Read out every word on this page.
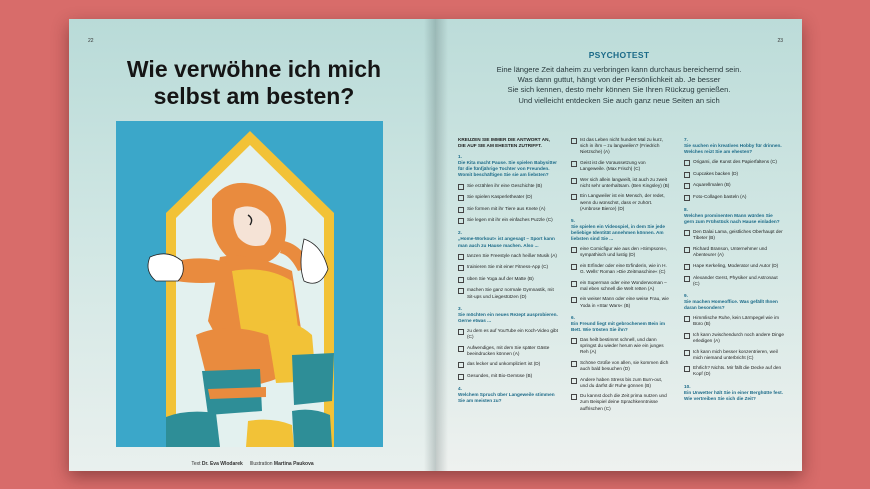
22
Wie verwöhne ich mich
selbst am besten?
Text Dr. Eva Wlodarek Illustration Martina Paukova
23
PSYCHOTEST
Eine längere Zeit daheim zu verbringen kann durchaus bereichernd sein.
Was dann guttut, hängt von der Persönlichkeit ab. Je besser
Sie sich kennen, desto mehr können Sie Ihren Rückzug genießen.
Und vielleicht entdecken Sie auch ganz neue Seiten an sich
KREUZEN SIE IMMER DIE ANTWORT AN, DIE AUF SIE AM EHESTEN ZUTRIFFT.
1.
Die Kita macht Pause. Sie spielen Babysitter für die fünfjährige Tochter von Freunden. Womit beschäftigen Sie sie am liebsten?
Sie erzählen ihr eine Geschichte (B)
Sie spielen Kasperletheater (D)
Sie formen mit ihr Tiere aus Knete (A)
Sie legen mit ihr ein einfaches Puzzle (C)
2.
„Home-Workout« ist angesagt – Sport kann man auch zu Hause machen. Also ...
tanzen Sie Freestyle nach heißer Musik (A)
trainieren Sie mit einer Fitness-App (C)
üben Sie Yoga auf der Matte (B)
machen Sie ganz normale Gymnastik, mit Sit-ups und Liegestützen (D)
3.
Sie möchten ein neues Rezept ausprobieren. Gerne etwas ...
zu dem es auf YouTube ein Koch-Video gibt (C)
Aufwendiges, mit dem Sie später Gäste beeindrucken können (A)
das lecker und unkompliziert ist (D)
Gesundes, mit Bio-Gemüse (B)
4.
Welchem Spruch über Langeweile stimmen Sie am meisten zu?
Ist das Leben nicht hundert Mal zu kurz, sich in ihm – zu langweilen? (Friedrich Nietzsche) (A)
Geist ist die Voraussetzung von Langeweile. (Max Frisch) (C)
Wer sich allein langweilt, ist auch zu zweit nicht sehr unterhaltsam. (Ben Kingsley) (B)
Ein Langweiler ist ein Mensch, der redet, wenn du wünschst, dass er zuhört. (Ambrose Bierce) (D)
5.
Sie spielen ein Videospiel, in dem Sie jede beliebige Identität annehmen können. Am liebsten sind Sie ...
eine Comicfigur wie aus den »Simpsons«, sympathisch und lustig (D)
ein Erfinder oder eine Erfinderin, wie in H. G. Wells' Roman »Die Zeitmaschine« (C)
ein Superman oder eine Wonderwoman – mal eben schnell die Welt retten (A)
ein weiser Mann oder eine weise Frau, wie Yoda in »Star Wars« (B)
6.
Ein Freund liegt mit gebrochenem Bein im Bett. Wie trösten Sie ihn?
Das heilt bestimmt schnell, und dann springst du wieder herum wie ein junges Reh (A)
Schöne Grüße von allen, sie kommen dich auch bald besuchen (D)
Andere haben Stress bis zum Burn-out, und du darfst dir Ruhe gönnen (B)
Du kannst doch die Zeit prima nutzen und zum Beispiel deine Sprachkenntnisse auffrischen (C)
7.
Sie suchen ein kreatives Hobby für drinnen. Welches reizt Sie am ehesten?
Origami, die Kunst des Papierfaltens (C)
Cupcakes backen (D)
Aquarellmalen (B)
Foto-Collagen basteln (A)
8.
Welchen prominenten Mann würden Sie gern zum Frühstück nach Hause einladen?
Den Dalai Lama, geistliches Oberhaupt der Tibeter (B)
Richard Branson, Unternehmer und Abenteurer (A)
Hape Kerkeling, Moderator und Autor (D)
Alexander Gerst, Physiker und Astronaut (C)
9.
Sie machen Homeoffice. Was gefällt Ihnen daran besonders?
Himmlische Ruhe, kein Lärmpegel wie im Büro (B)
Ich kann zwischendurch noch andere Dinge erledigen (A)
Ich kann mich besser konzentrieren, weil mich niemand unterbricht (C)
Ehrlich? Nichts. Mir fällt die Decke auf den Kopf (D)
10.
Ein Unwetter hält Sie in einer Berghütte fest. Wie vertreiben Sie sich die Zeit?
